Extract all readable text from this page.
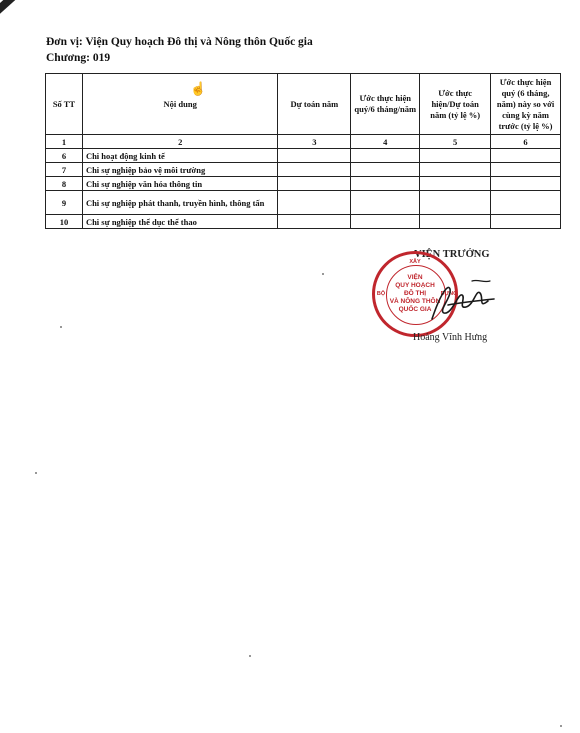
Đơn vị: Viện Quy hoạch Đô thị và Nông thôn Quốc gia
Chương: 019
Số TT	Nội dung	Dự toán năm	Ước thực hiện quý/6 tháng/năm	Ước thực hiện/Dự toán năm (tỷ lệ %)	Ước thực hiện quý (6 tháng, năm) này so với cùng kỳ năm trước (tỷ lệ %)
1	2	3	4	5	6
6	Chi hoạt động kinh tế				
7	Chi sự nghiệp bảo vệ môi trường				
8	Chi sự nghiệp văn hóa thông tin				
9	Chi sự nghiệp phát thanh, truyền hình, thông tấn				
10	Chi sự nghiệp thể dục thể thao				
☝
VIỆN TRƯỞNG
XÂY
BỘ	DỰNG
VIỆN
QUY HOẠCH
ĐÔ THỊ
VÀ NÔNG THÔN
QUỐC GIA
Hoàng Vĩnh Hưng
